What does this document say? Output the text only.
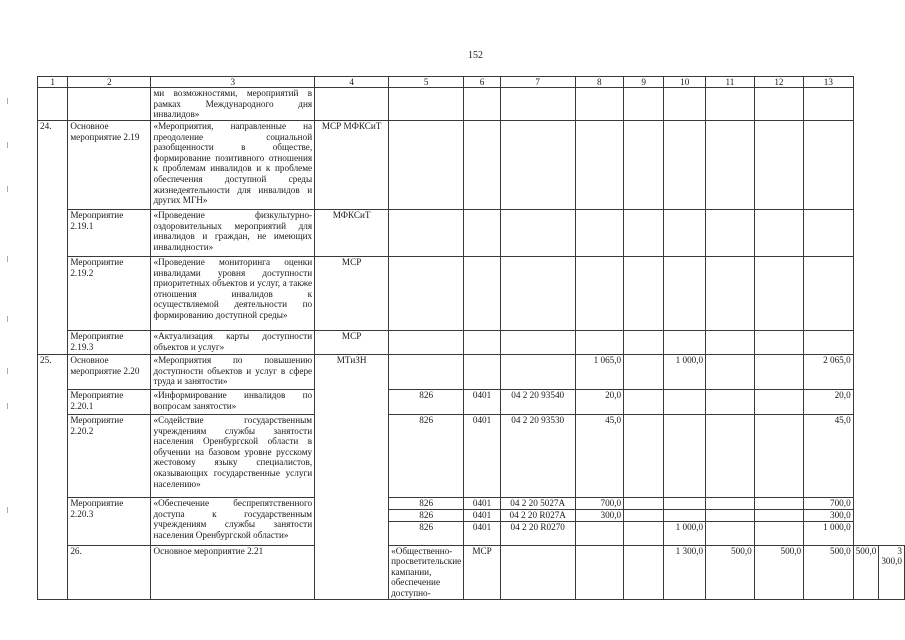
152
1	2	3	4	5	6	7	8	9	10	11	12	13		
		ми возможностями, мероприятий в рамках Международного дня инвалидов»												
24.	Основное мероприятие 2.19	«Мероприятия, направленные на преодоление социальной разобщенности в обществе, формирование позитивного отношения к проблемам инвалидов и к проблеме обеспечения доступной среды жизнедеятельности для инвалидов и других МГН»	МСР МФКСиТ											
	Мероприятие 2.19.1	«Проведение физкультурно-оздоровительных мероприятий для инвалидов и граждан, не имеющих инвалидности»	МФКСиТ											
	Мероприятие 2.19.2	«Проведение мониторинга оценки инвалидами уровня доступности приоритетных объектов и услуг, а также отношения инвалидов к осуществляемой деятельности по формированию доступной среды»	МСР											
	Мероприятие 2.19.3	«Актуализация карты доступности объектов и услуг»	МСР											
25.	Основное мероприятие 2.20	«Мероприятия по повышению доступности объектов и услуг в сфере труда и занятости»	МТиЗН				1 065,0		1 000,0			2 065,0		
	Мероприятие 2.20.1	«Информирование инвалидов по вопросам занятости»		826	0401	04 2 20 93540	20,0					20,0		
	Мероприятие 2.20.2	«Содействие государственным учреждениям службы занятости населения Оренбургской области в обучении на базовом уровне русскому жестовому языку специалистов, оказывающих государственные услуги населению»		826	0401	04 2 20 93530	45,0					45,0		
	Мероприятие 2.20.3	«Обеспечение беспрепятственного доступа к государственным учреждениям службы занятости населения Оренбургской области»		826	0401	04 2 20 5027A	700,0					700,0		
				826	0401	04 2 20 R027A	300,0					300,0		
				826	0401	04 2 20 R0270			1 000,0			1 000,0		
	26.	Основное мероприятие 2.21		«Общественно-просветительские кампании, обеспечение доступно-	МСР				1 300,0	500,0	500,0	500,0	500,0	3 300,0
